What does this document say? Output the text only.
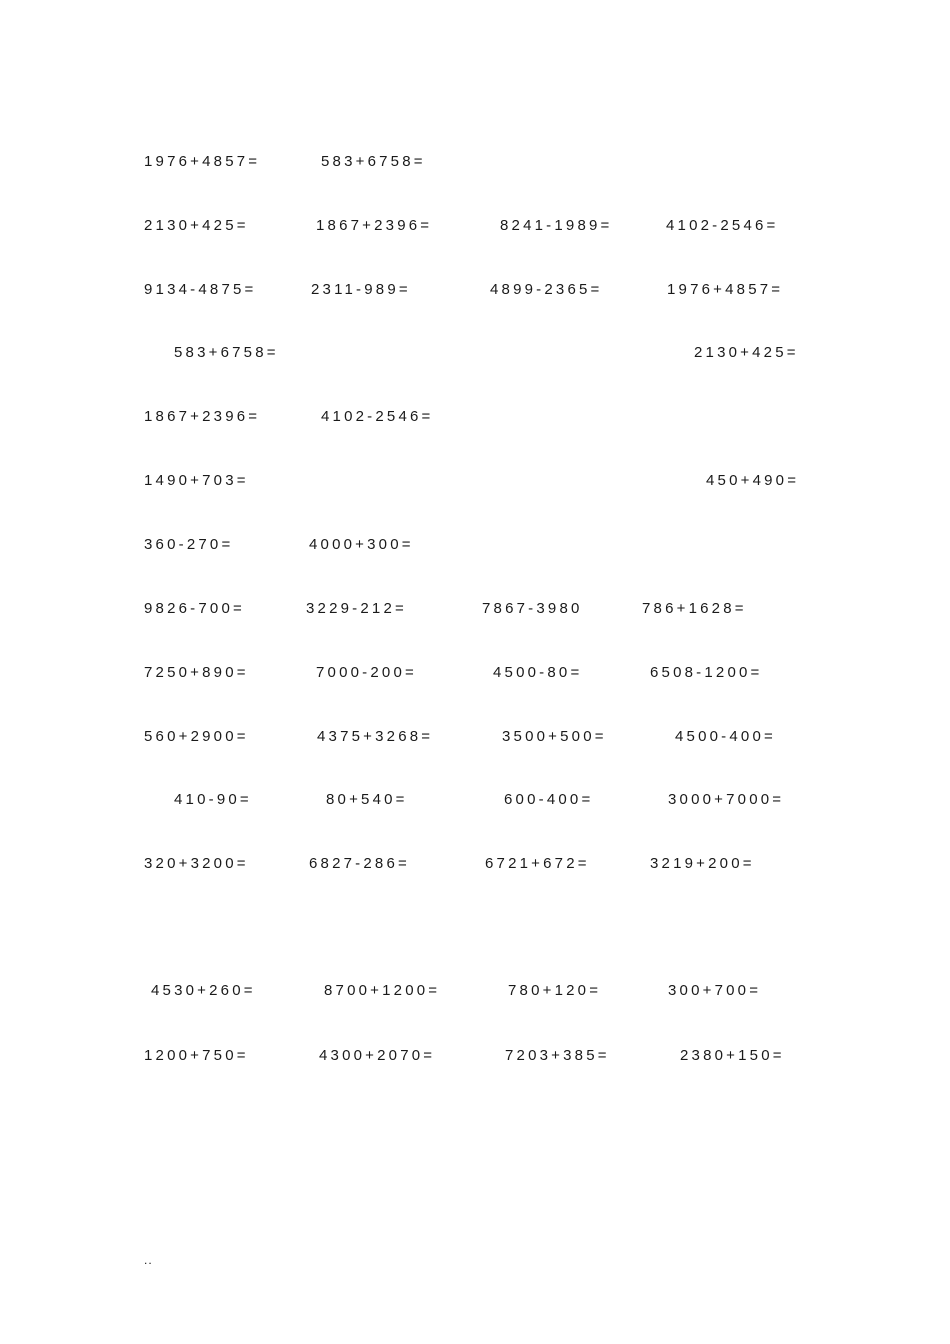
1976+4857=	583+6758=
2130+425=	1867+2396=	8241-1989=	4102-2546=
9134-4875=	2311-989=	4899-2365=	1976+4857=
583+6758=	2130+425=
1867+2396=	4102-2546=
1490+703=	450+490=
360-270=	4000+300=
9826-700=	3229-212=	7867-3980	786+1628=
7250+890=	7000-200=	4500-80=	6508-1200=
560+2900=	4375+3268=	3500+500=	4500-400=
410-90=	80+540=	600-400=	3000+7000=
320+3200=	6827-286=	6721+672=	3219+200=
4530+260=	8700+1200=	780+120=	300+700=
1200+750=	4300+2070=	7203+385=	2380+150=
..
